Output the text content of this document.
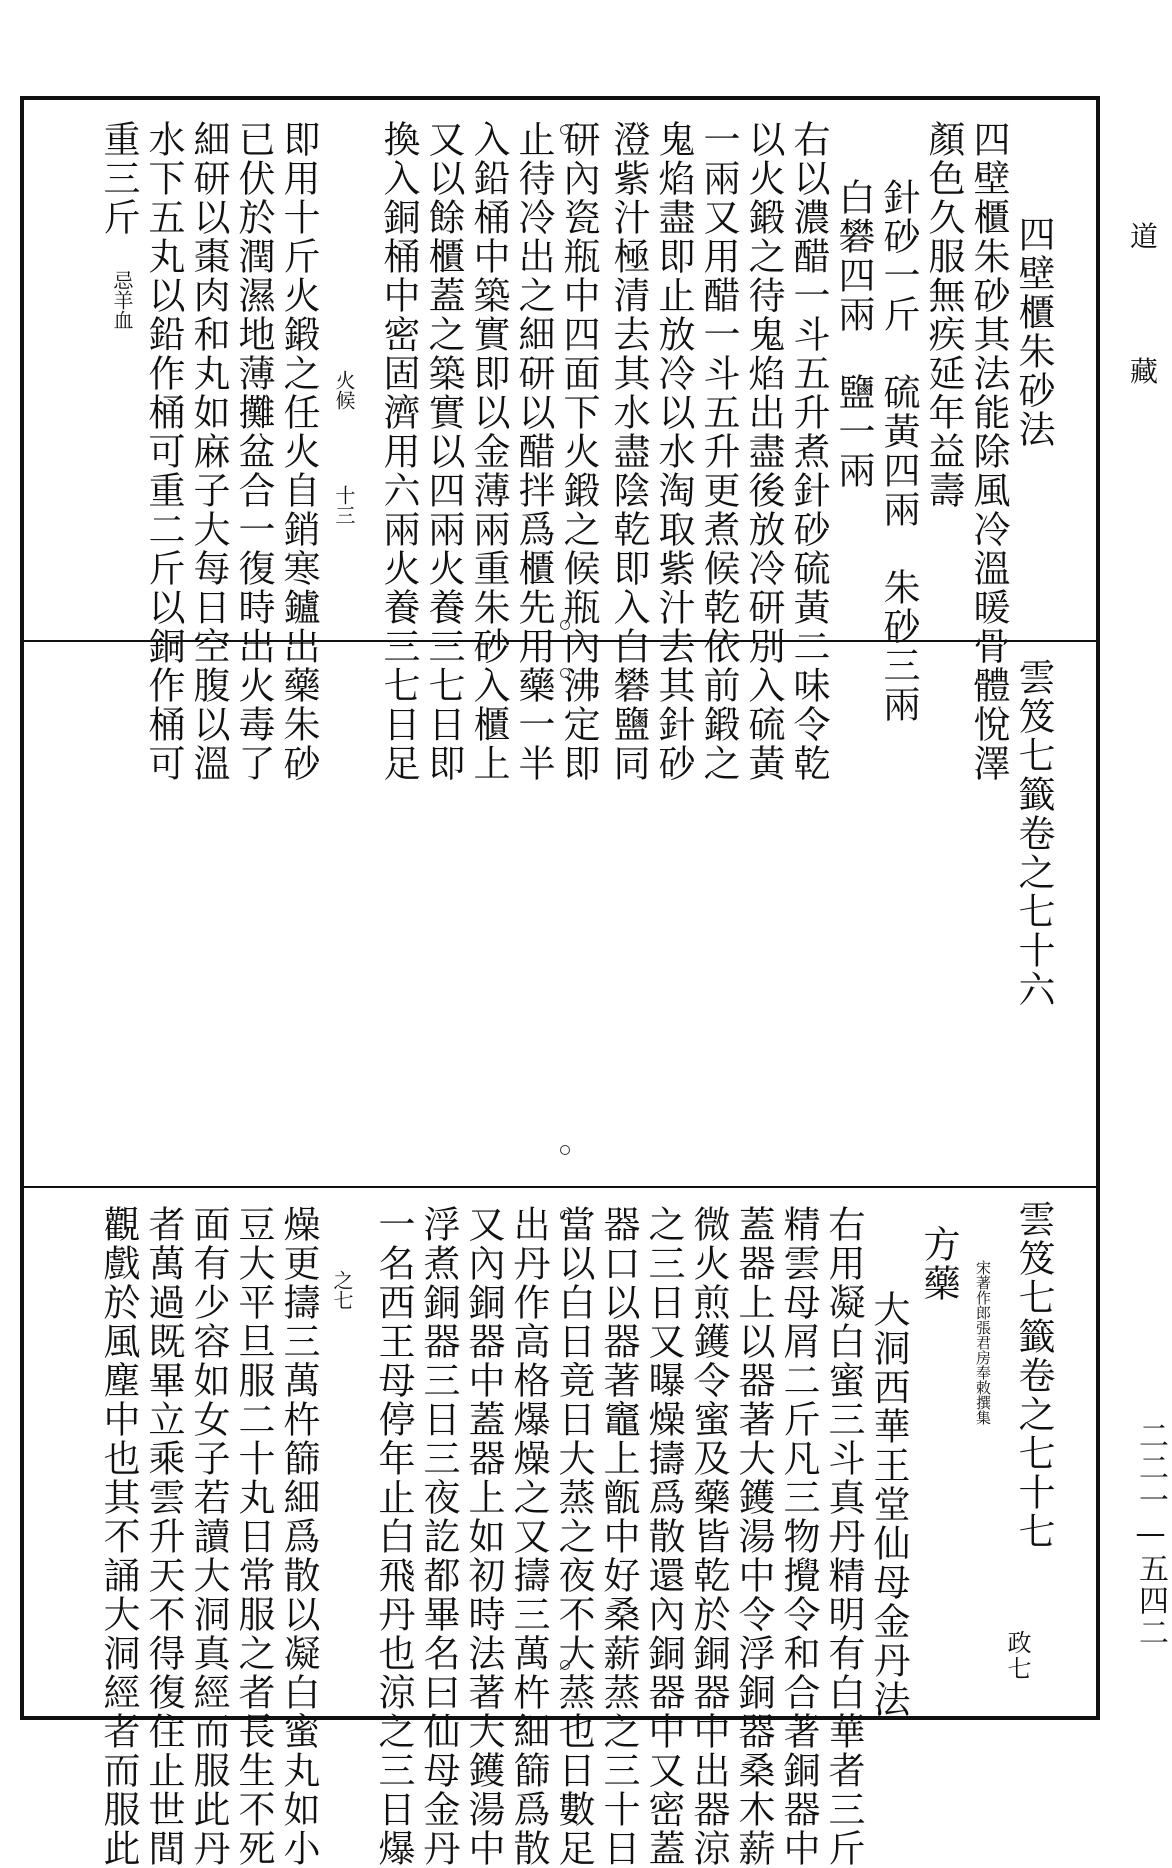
道
藏
二二一—五四二
四壁櫃朱砂法
四壁櫃朱砂其法能除風冷溫暖骨體悅澤
顏色久服無疾延年益壽
針砂一斤　硫黃四兩　朱砂三兩
白礬四兩　鹽一兩
右以濃醋一斗五升煮針砂硫黃二味令乾
以火鍛之待鬼焰出盡後放冷研別入硫黃
一兩又用醋一斗五升更煮候乾依前鍛之
鬼焰盡即止放冷以水淘取紫汁去其針砂
澄紫汁極清去其水盡陰乾即入白礬鹽同
研內瓷瓶中四面下火鍛之候瓶內沸定即
止待冷出之細研以醋拌爲櫃先用藥一半
入鉛桶中築實即以金薄兩重朱砂入櫃上
又以餘櫃蓋之築實以四兩火養三七日即
換入銅桶中密固濟用六兩火養三七日足
火候
十三
即用十斤火鍛之任火自銷寒鑪出藥朱砂
已伏於潤濕地薄攤盆合一復時出火毒了
細研以棗肉和丸如麻子大每日空腹以溫
水下五丸以鉛作桶可重二斤以銅作桶可
重三斤
忌羊血
雲笈七籤卷之七十六
雲笈七籤卷之七十七
宋著作郎張君房奉敕撰集
政七
方藥
大洞西華王堂仙母金丹法
右用凝白蜜三斗真丹精明有白華者三斤
精雲母屑二斤凡三物攪令和合著銅器中
蓋器上以器著大鑊湯中令浮銅器桑木薪
微火煎鑊令蜜及藥皆乾於銅器中出器涼
之三日又曝燥擣爲散還內銅器中又密蓋
器口以器著竈上甑中好桑薪蒸之三十日
當以白日竟日大蒸之夜不大蒸也日數足
出丹作高格爆燥之又擣三萬杵細篩爲散
又內銅器中蓋器上如初時法著大鑊湯中
浮煮銅器三日三夜訖都畢名曰仙母金丹
一名西王母停年止白飛丹也涼之三日爆
之七
燥更擣三萬杵篩細爲散以凝白蜜丸如小
豆大平旦服二十丸日常服之者長生不死
面有少容如女子若讀大洞真經而服此丹
者萬過既畢立乘雲升天不得復住止世間
觀戲於風塵中也其不誦大洞經者而服此
